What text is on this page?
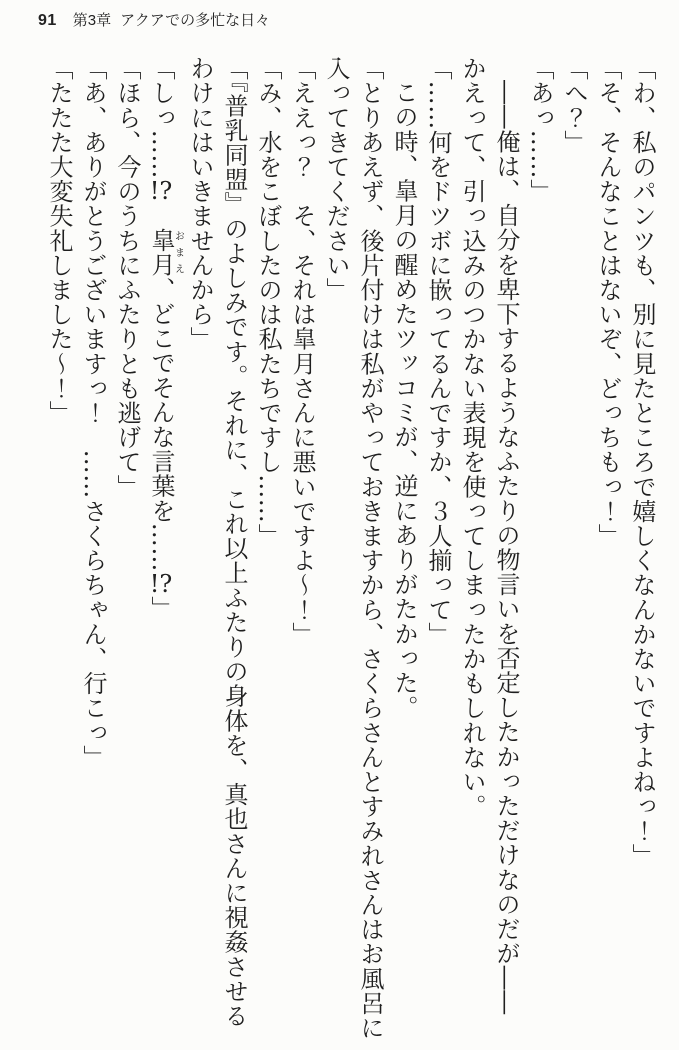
91 第3章 アクアでの多忙な日々
「わ、私のパンツも、別に見たところで嬉しくなんかないですよねっ！」
「そ、そんなことはないぞ、どっちもっ！」
「へ？」
「あっ……」
――俺は、自分を卑下するようなふたりの物言いを否定したかっただけなのだが――
かえって、引っ込みのつかない表現を使ってしまったかもしれない。
「……何をドツボに嵌ってるんですか、３人揃って」
この時、皐月の醒めたツッコミが、逆にありがたかった。
「とりあえず、後片付けは私がやっておきますから、さくらさんとすみれさんはお風呂に
入ってきてください」
「ええっ？　そ、それは皐月さんに悪いですよ～！」
「み、水をこぼしたのは私たちですし……」
「『普乳同盟』のよしみです。それに、これ以上ふたりの身体を、真也さんに視姦させる
わけにはいきませんから」
「しっ……!?　皐月おまえ、どこでそんな言葉を……!?」
「ほら、今のうちにふたりとも逃げて」
「あ、ありがとうございますっ！　……さくらちゃん、行こっ」
「たたた大変失礼しました～！」
